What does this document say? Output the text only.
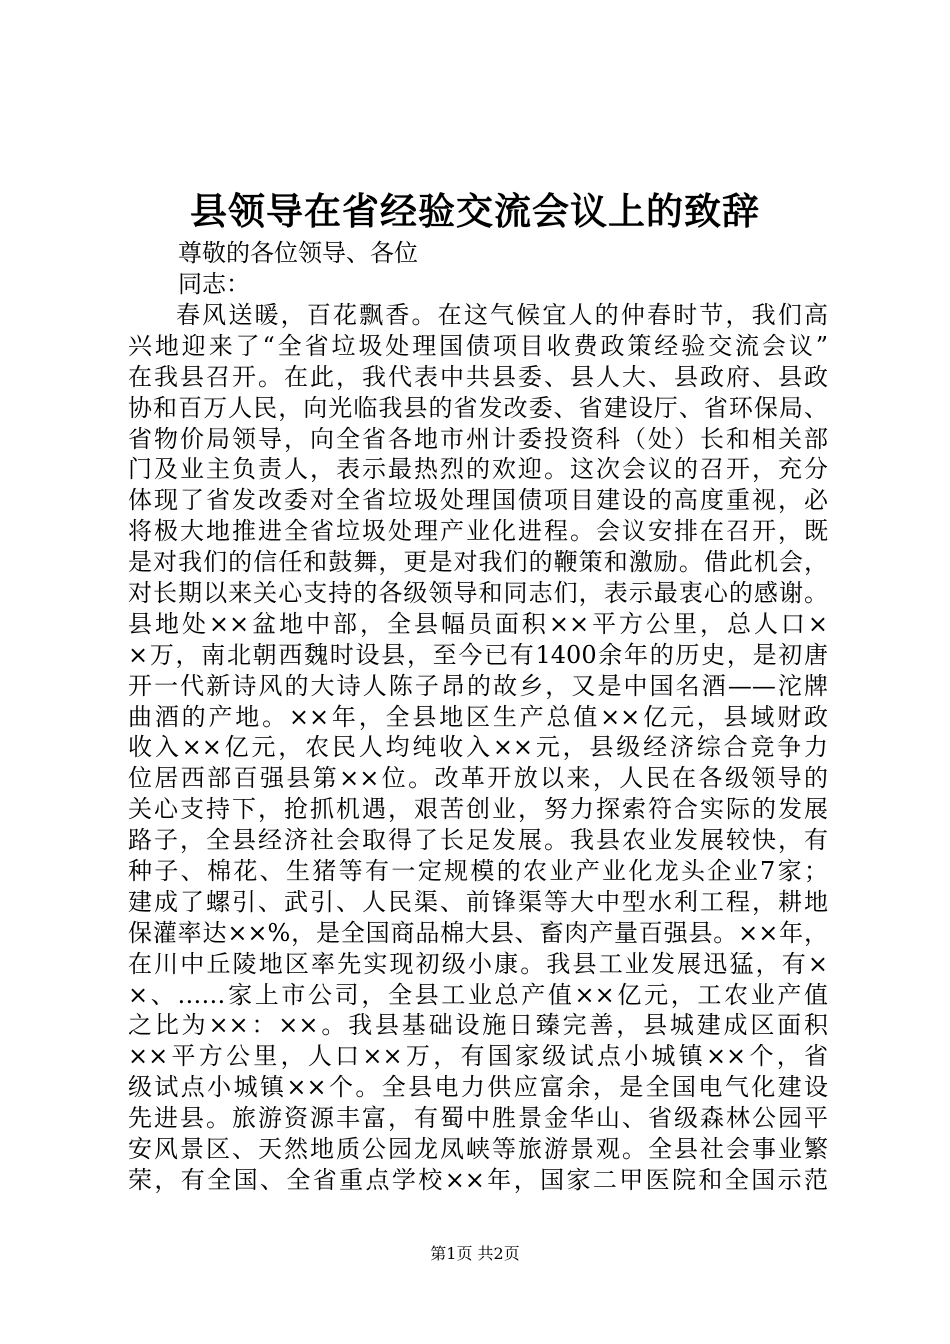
县领导在省经验交流会议上的致辞
尊敬的各位领导、各位
同志：
春风送暖，百花飘香。在这气候宜人的仲春时节，我们高
兴地迎来了“全省垃圾处理国债项目收费政策经验交流会议”
在我县召开。在此，我代表中共县委、县人大、县政府、县政
协和百万人民，向光临我县的省发改委、省建设厅、省环保局、
省物价局领导，向全省各地市州计委投资科（处）长和相关部
门及业主负责人，表示最热烈的欢迎。这次会议的召开，充分
体现了省发改委对全省垃圾处理国债项目建设的高度重视，必
将极大地推进全省垃圾处理产业化进程。会议安排在召开，既
是对我们的信任和鼓舞，更是对我们的鞭策和激励。借此机会，
对长期以来关心支持的各级领导和同志们，表示最衷心的感谢。
县地处××盆地中部，全县幅员面积××平方公里，总人口×
×万，南北朝西魏时设县，至今已有1400余年的历史，是初唐
开一代新诗风的大诗人陈子昂的故乡，又是中国名酒——沱牌
曲酒的产地。××年，全县地区生产总值××亿元，县域财政
收入××亿元，农民人均纯收入××元，县级经济综合竞争力
位居西部百强县第××位。改革开放以来，人民在各级领导的
关心支持下，抢抓机遇，艰苦创业，努力探索符合实际的发展
路子，全县经济社会取得了长足发展。我县农业发展较快，有
种子、棉花、生猪等有一定规模的农业产业化龙头企业7家；
建成了螺引、武引、人民渠、前锋渠等大中型水利工程，耕地
保灌率达××%，是全国商品棉大县、畜肉产量百强县。××年，
在川中丘陵地区率先实现初级小康。我县工业发展迅猛，有×
×、……家上市公司，全县工业总产值××亿元，工农业产值
之比为××：××。我县基础设施日臻完善，县城建成区面积
××平方公里，人口××万，有国家级试点小城镇××个，省
级试点小城镇××个。全县电力供应富余，是全国电气化建设
先进县。旅游资源丰富，有蜀中胜景金华山、省级森林公园平
安风景区、天然地质公园龙凤峡等旅游景观。全县社会事业繁
荣，有全国、全省重点学校××年，国家二甲医院和全国示范
第1页 共2页
